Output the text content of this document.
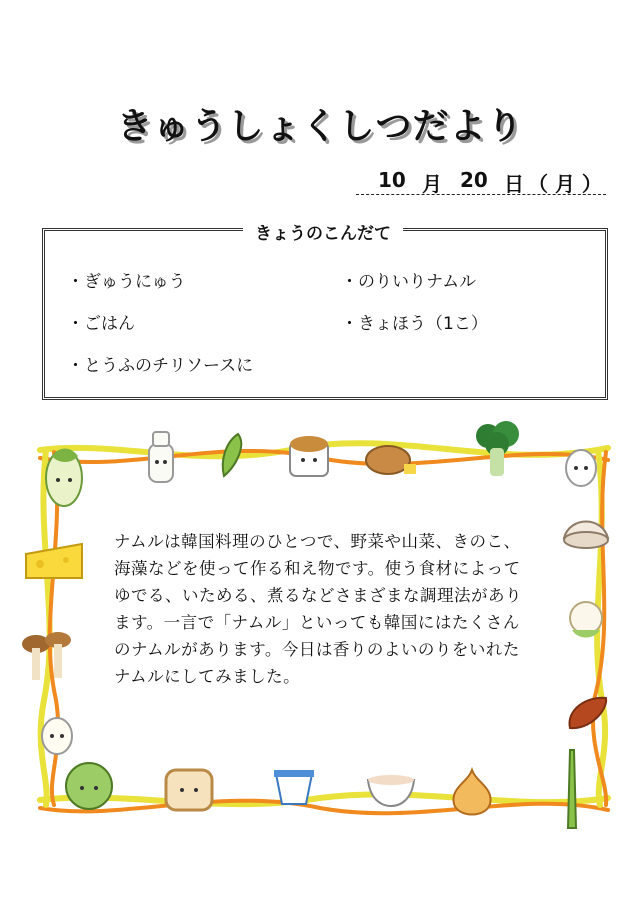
きゅうしょくしつだより
10 月 20 日 （ 月 ）
きょうのこんだて
・ぎゅうにゅう
・ごはん
・とうふのチリソースに
・のりいりナムル
・きょほう（1こ）
ナムルは韓国料理のひとつで、野菜や山菜、きのこ、海藻などを使って作る和え物です。使う食材によってゆでる、いためる、煮るなどさまざまな調理法があります。一言で「ナムル」といっても韓国にはたくさんのナムルがあります。今日は香りのよいのりをいれたナムルにしてみました。
